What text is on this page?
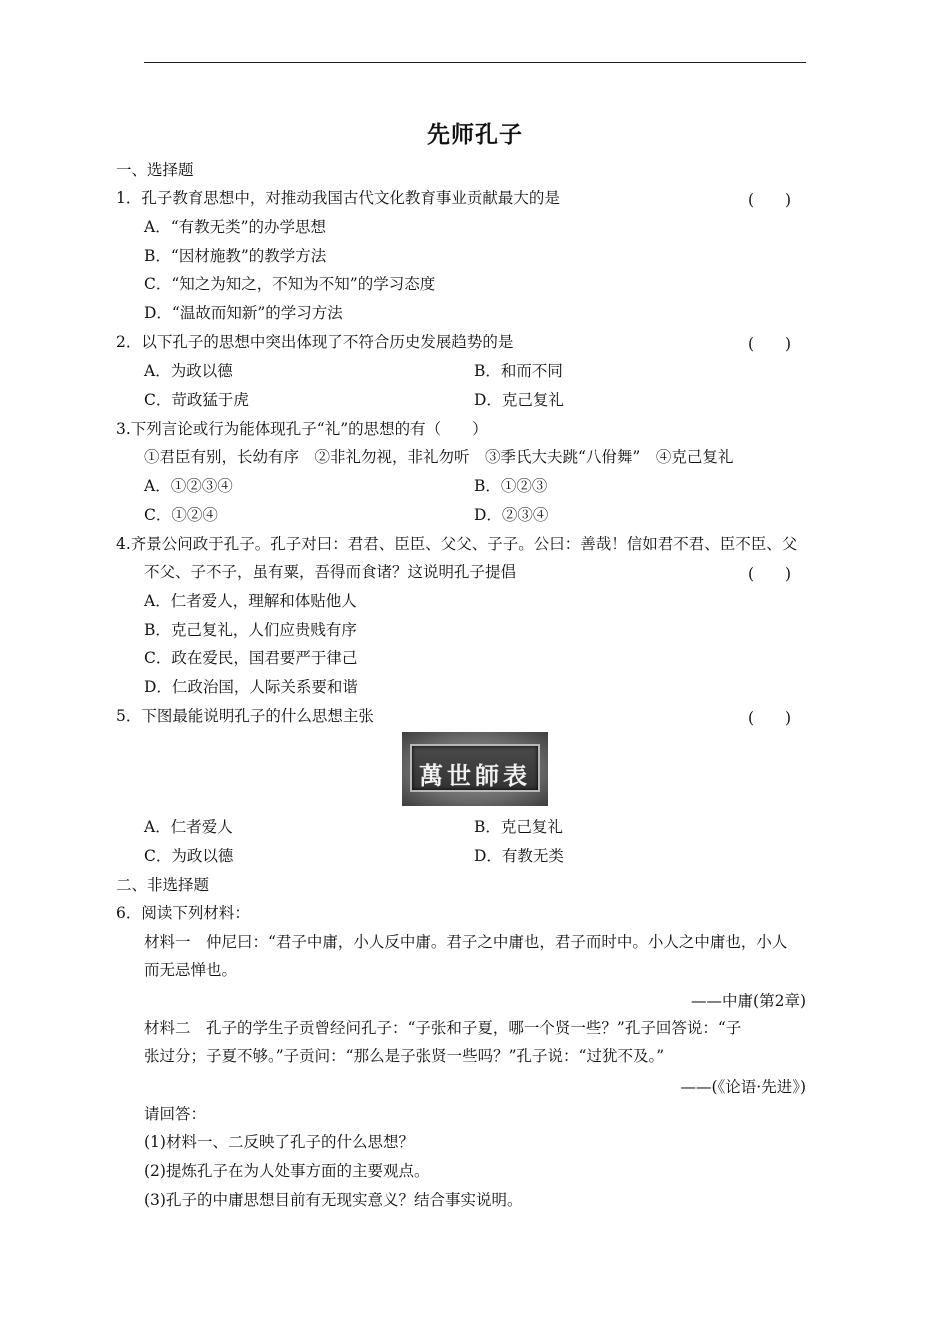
先师孔子
一、选择题
1．孔子教育思想中，对推动我国古代文化教育事业贡献最大的是	(　　)
A．“有教无类”的办学思想
B．“因材施教”的教学方法
C．“知之为知之，不知为不知”的学习态度
D．“温故而知新”的学习方法
2．以下孔子的思想中突出体现了不符合历史发展趋势的是	(　　)
A．为政以德	B．和而不同
C．苛政猛于虎	D．克己复礼
3.下列言论或行为能体现孔子“礼”的思想的有（　　）
①君臣有别，长幼有序　②非礼勿视，非礼勿听　③季氏大夫跳“八佾舞”　④克己复礼
A．①②③④	B．①②③
C．①②④	D．②③④
4.齐景公问政于孔子。孔子对曰：君君、臣臣、父父、子子。公曰：善哉！信如君不君、臣不臣、父
不父、子不子，虽有粟，吾得而食诸？这说明孔子提倡	(　　)
A．仁者爱人，理解和体贴他人
B．克己复礼，人们应贵贱有序
C．政在爱民，国君要严于律己
D．仁政治国，人际关系要和谐
5．下图最能说明孔子的什么思想主张	(　　)
萬世師表
A．仁者爱人	B．克己复礼
C．为政以德	D．有教无类
二、非选择题
6．阅读下列材料：
材料一　仲尼曰：“君子中庸，小人反中庸。君子之中庸也，君子而时中。小人之中庸也，小人
而无忌惮也。
——中庸(第2章)
材料二　孔子的学生子贡曾经问孔子：“子张和子夏，哪一个贤一些？”孔子回答说：“子
张过分；子夏不够。”子贡问：“那么是子张贤一些吗？”孔子说：“过犹不及。”
——(《论语·先进》)
请回答：
(1)材料一、二反映了孔子的什么思想？
(2)提炼孔子在为人处事方面的主要观点。
(3)孔子的中庸思想目前有无现实意义？结合事实说明。
